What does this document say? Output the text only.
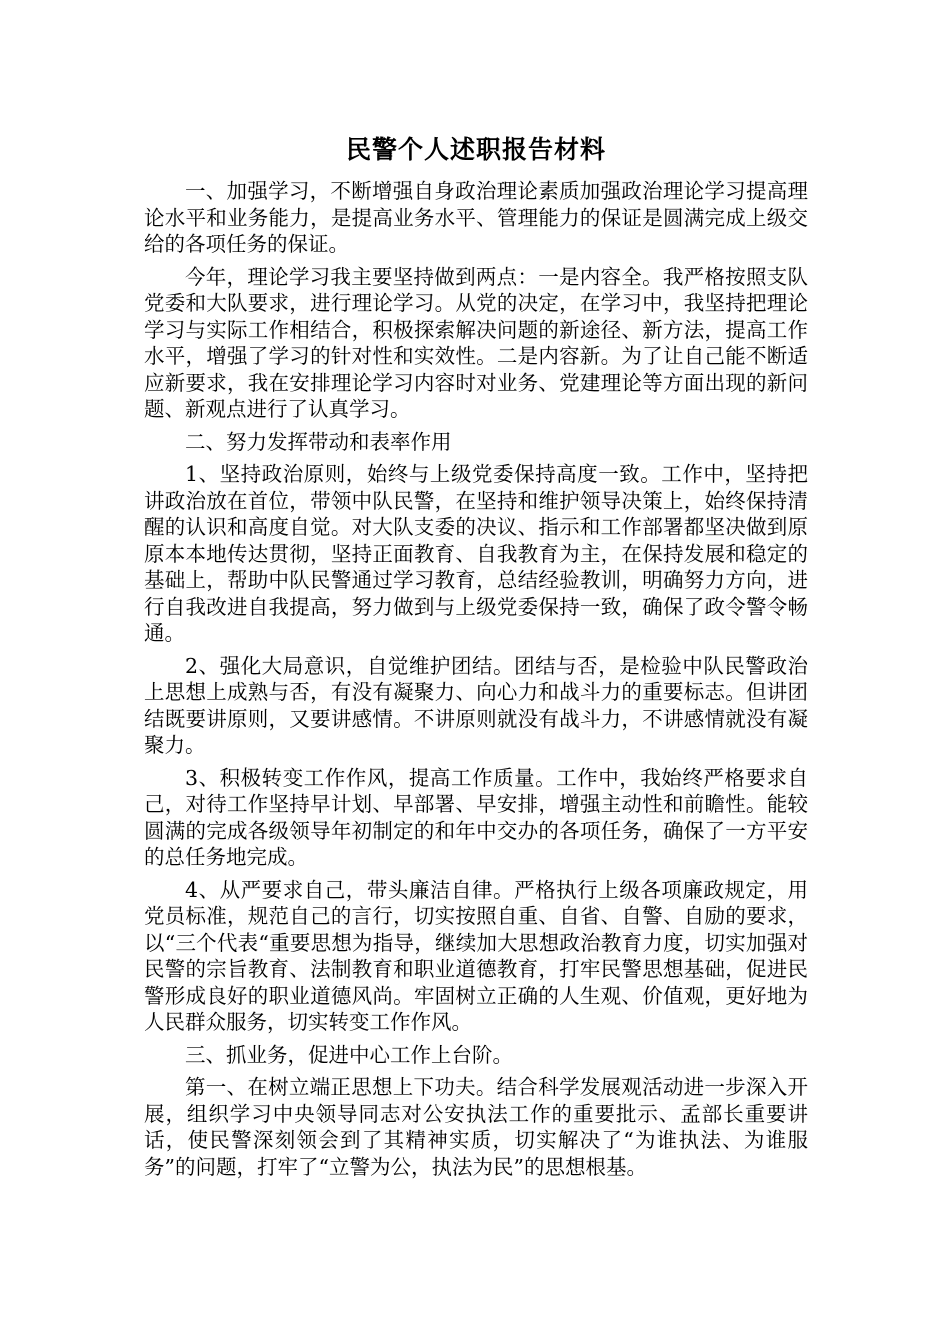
民警个人述职报告材料

一、加强学习，不断增强自身政治理论素质加强政治理论学习提高理论水平和业务能力，是提高业务水平、管理能力的保证是圆满完成上级交给的各项任务的保证。

今年，理论学习我主要坚持做到两点：一是内容全。我严格按照支队党委和大队要求，进行理论学习。从党的决定，在学习中，我坚持把理论学习与实际工作相结合，积极探索解决问题的新途径、新方法，提高工作水平，增强了学习的针对性和实效性。二是内容新。为了让自己能不断适应新要求，我在安排理论学习内容时对业务、党建理论等方面出现的新问题、新观点进行了认真学习。

二、努力发挥带动和表率作用

1、坚持政治原则，始终与上级党委保持高度一致。工作中，坚持把讲政治放在首位，带领中队民警，在坚持和维护领导决策上，始终保持清醒的认识和高度自觉。对大队支委的决议、指示和工作部署都坚决做到原原本本地传达贯彻，坚持正面教育、自我教育为主，在保持发展和稳定的基础上，帮助中队民警通过学习教育，总结经验教训，明确努力方向，进行自我改进自我提高，努力做到与上级党委保持一致，确保了政令警令畅通。

2、强化大局意识，自觉维护团结。团结与否，是检验中队民警政治上思想上成熟与否，有没有凝聚力、向心力和战斗力的重要标志。但讲团结既要讲原则，又要讲感情。不讲原则就没有战斗力，不讲感情就没有凝聚力。

3、积极转变工作作风，提高工作质量。工作中，我始终严格要求自己，对待工作坚持早计划、早部署、早安排，增强主动性和前瞻性。能较圆满的完成各级领导年初制定的和年中交办的各项任务，确保了一方平安的总任务地完成。

4、从严要求自己，带头廉洁自律。严格执行上级各项廉政规定，用党员标准，规范自己的言行，切实按照自重、自省、自警、自励的要求，以“三个代表“重要思想为指导，继续加大思想政治教育力度，切实加强对民警的宗旨教育、法制教育和职业道德教育，打牢民警思想基础，促进民警形成良好的职业道德风尚。牢固树立正确的人生观、价值观，更好地为人民群众服务，切实转变工作作风。

三、抓业务，促进中心工作上台阶。

第一、在树立端正思想上下功夫。结合科学发展观活动进一步深入开展，组织学习中央领导同志对公安执法工作的重要批示、孟部长重要讲话，使民警深刻领会到了其精神实质，切实解决了“为谁执法、为谁服务”的问题，打牢了“立警为公，执法为民”的思想根基。
